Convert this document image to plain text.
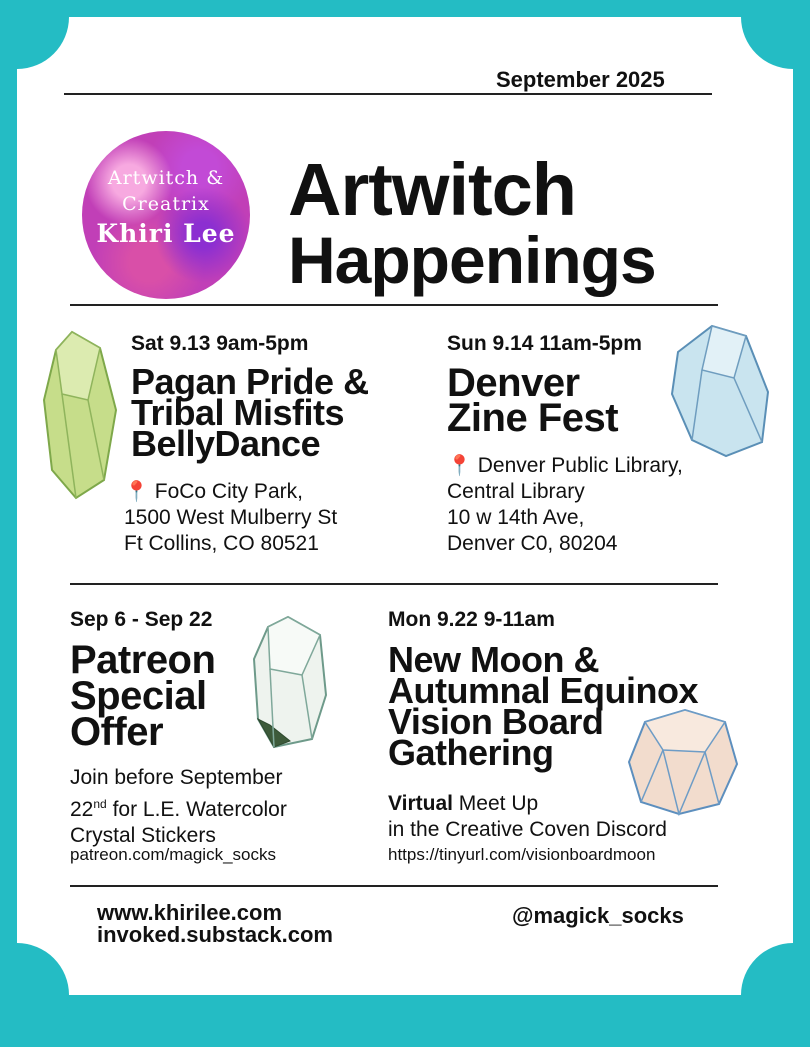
September 2025

Artwitch &
Creatrix
Khiri Lee

Artwitch

Happenings

Sat 9.13 9am-5pm

Pagan Pride &
Tribal Misfits
BellyDance
📍 FoCo City Park,
1500 West Mulberry St
Ft Collins, CO 80521

Sun 9.14 11am-5pm

Denver
Zine Fest
📍 Denver Public Library,
Central Library
10 w 14th Ave,
Denver C0, 80204

Sep 6 - Sep 22

Patreon
Special
Offer
Join before September
22nd for L.E. Watercolor
Crystal Stickers

patreon.com/magick_socks

Mon 9.22 9-11am

New Moon &
Autumnal Equinox
Vision Board
Gathering
Virtual Meet Up
in the Creative Coven Discord

https://tinyurl.com/visionboardmoon

www.khirilee.com
invoked.substack.com

@magick_socks
